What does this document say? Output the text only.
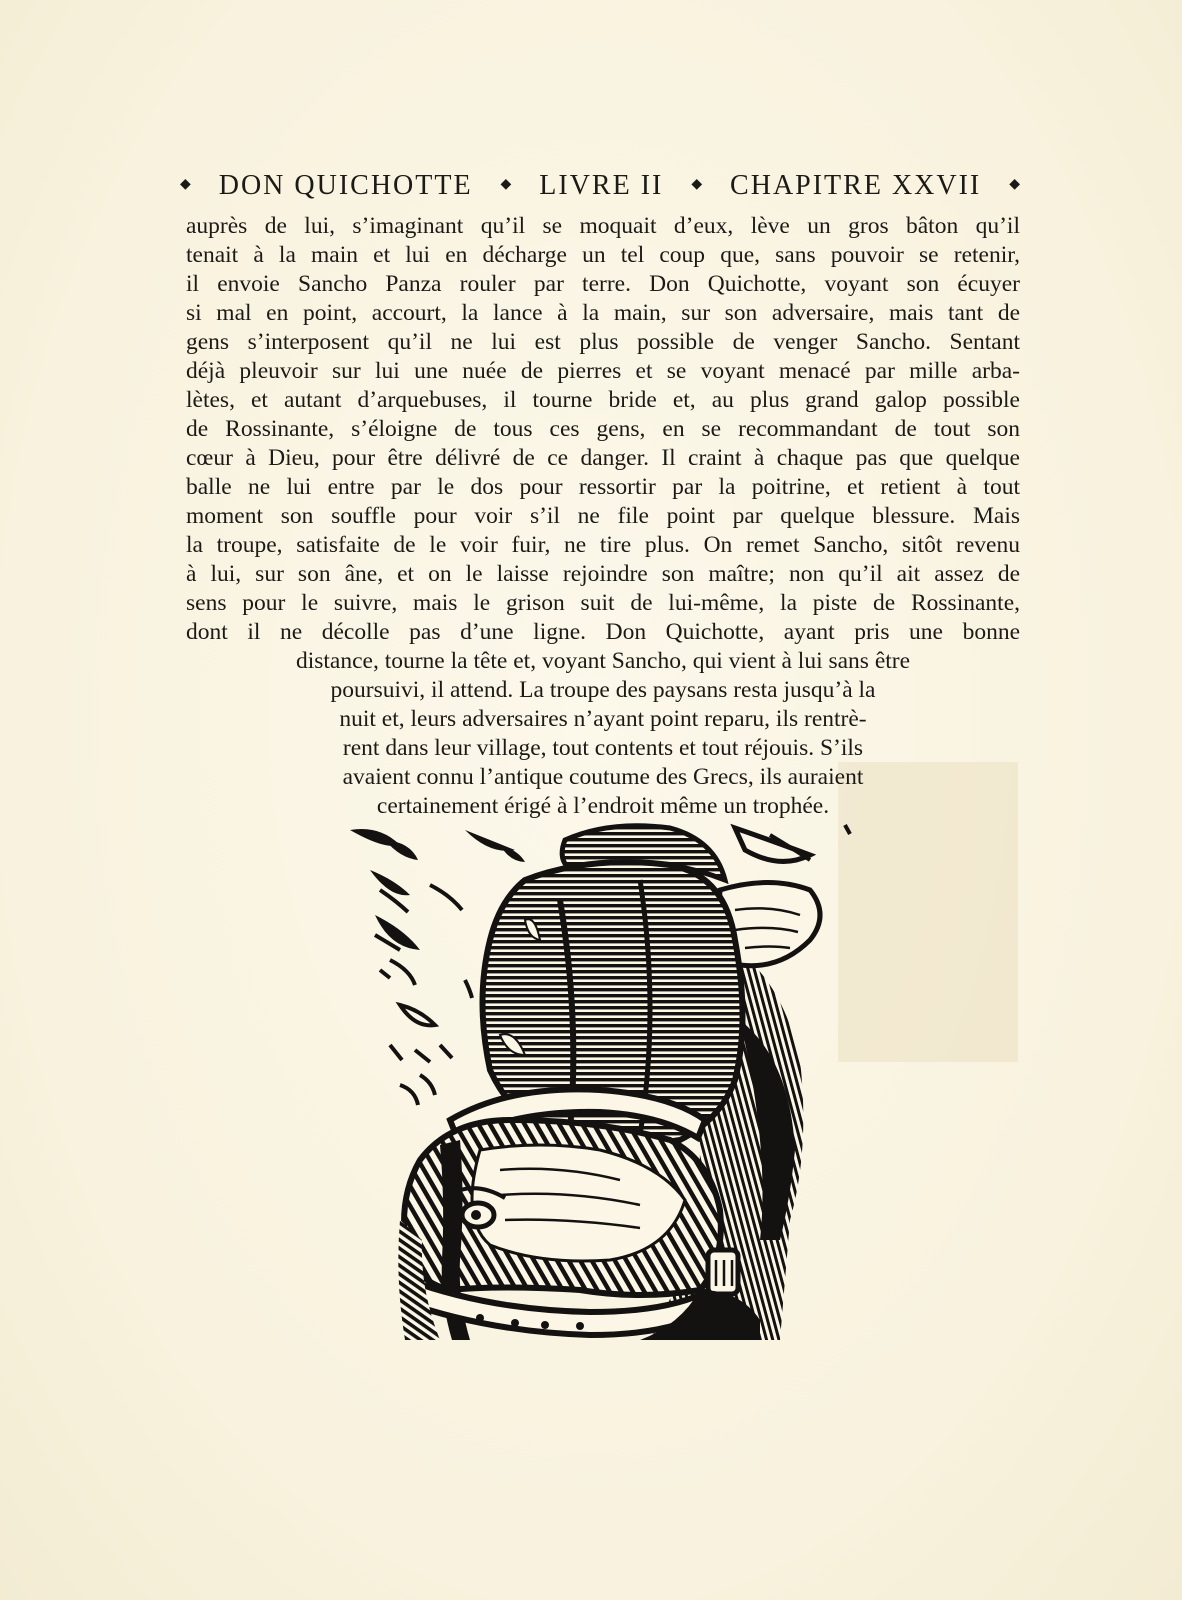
◆ DON QUICHOTTE ◆ LIVRE II ◆ CHAPITRE XXVII ◆
auprès de lui, s’imaginant qu’il se moquait d’eux, lève un gros bâton qu’il
tenait à la main et lui en décharge un tel coup que, sans pouvoir se retenir,
il envoie Sancho Panza rouler par terre. Don Quichotte, voyant son écuyer
si mal en point, accourt, la lance à la main, sur son adversaire, mais tant de
gens s’interposent qu’il ne lui est plus possible de venger Sancho. Sentant
déjà pleuvoir sur lui une nuée de pierres et se voyant menacé par mille arba-
lètes, et autant d’arquebuses, il tourne bride et, au plus grand galop possible
de Rossinante, s’éloigne de tous ces gens, en se recommandant de tout son
cœur à Dieu, pour être délivré de ce danger. Il craint à chaque pas que quelque
balle ne lui entre par le dos pour ressortir par la poitrine, et retient à tout
moment son souffle pour voir s’il ne file point par quelque blessure. Mais
la troupe, satisfaite de le voir fuir, ne tire plus. On remet Sancho, sitôt revenu
à lui, sur son âne, et on le laisse rejoindre son maître; non qu’il ait assez de
sens pour le suivre, mais le grison suit de lui-même, la piste de Rossinante,
dont il ne décolle pas d’une ligne. Don Quichotte, ayant pris une bonne
distance, tourne la tête et, voyant Sancho, qui vient à lui sans être
poursuivi, il attend. La troupe des paysans resta jusqu’à la
nuit et, leurs adversaires n’ayant point reparu, ils rentrè-
rent dans leur village, tout contents et tout réjouis. S’ils
avaient connu l’antique coutume des Grecs, ils auraient
certainement érigé à l’endroit même un trophée.
